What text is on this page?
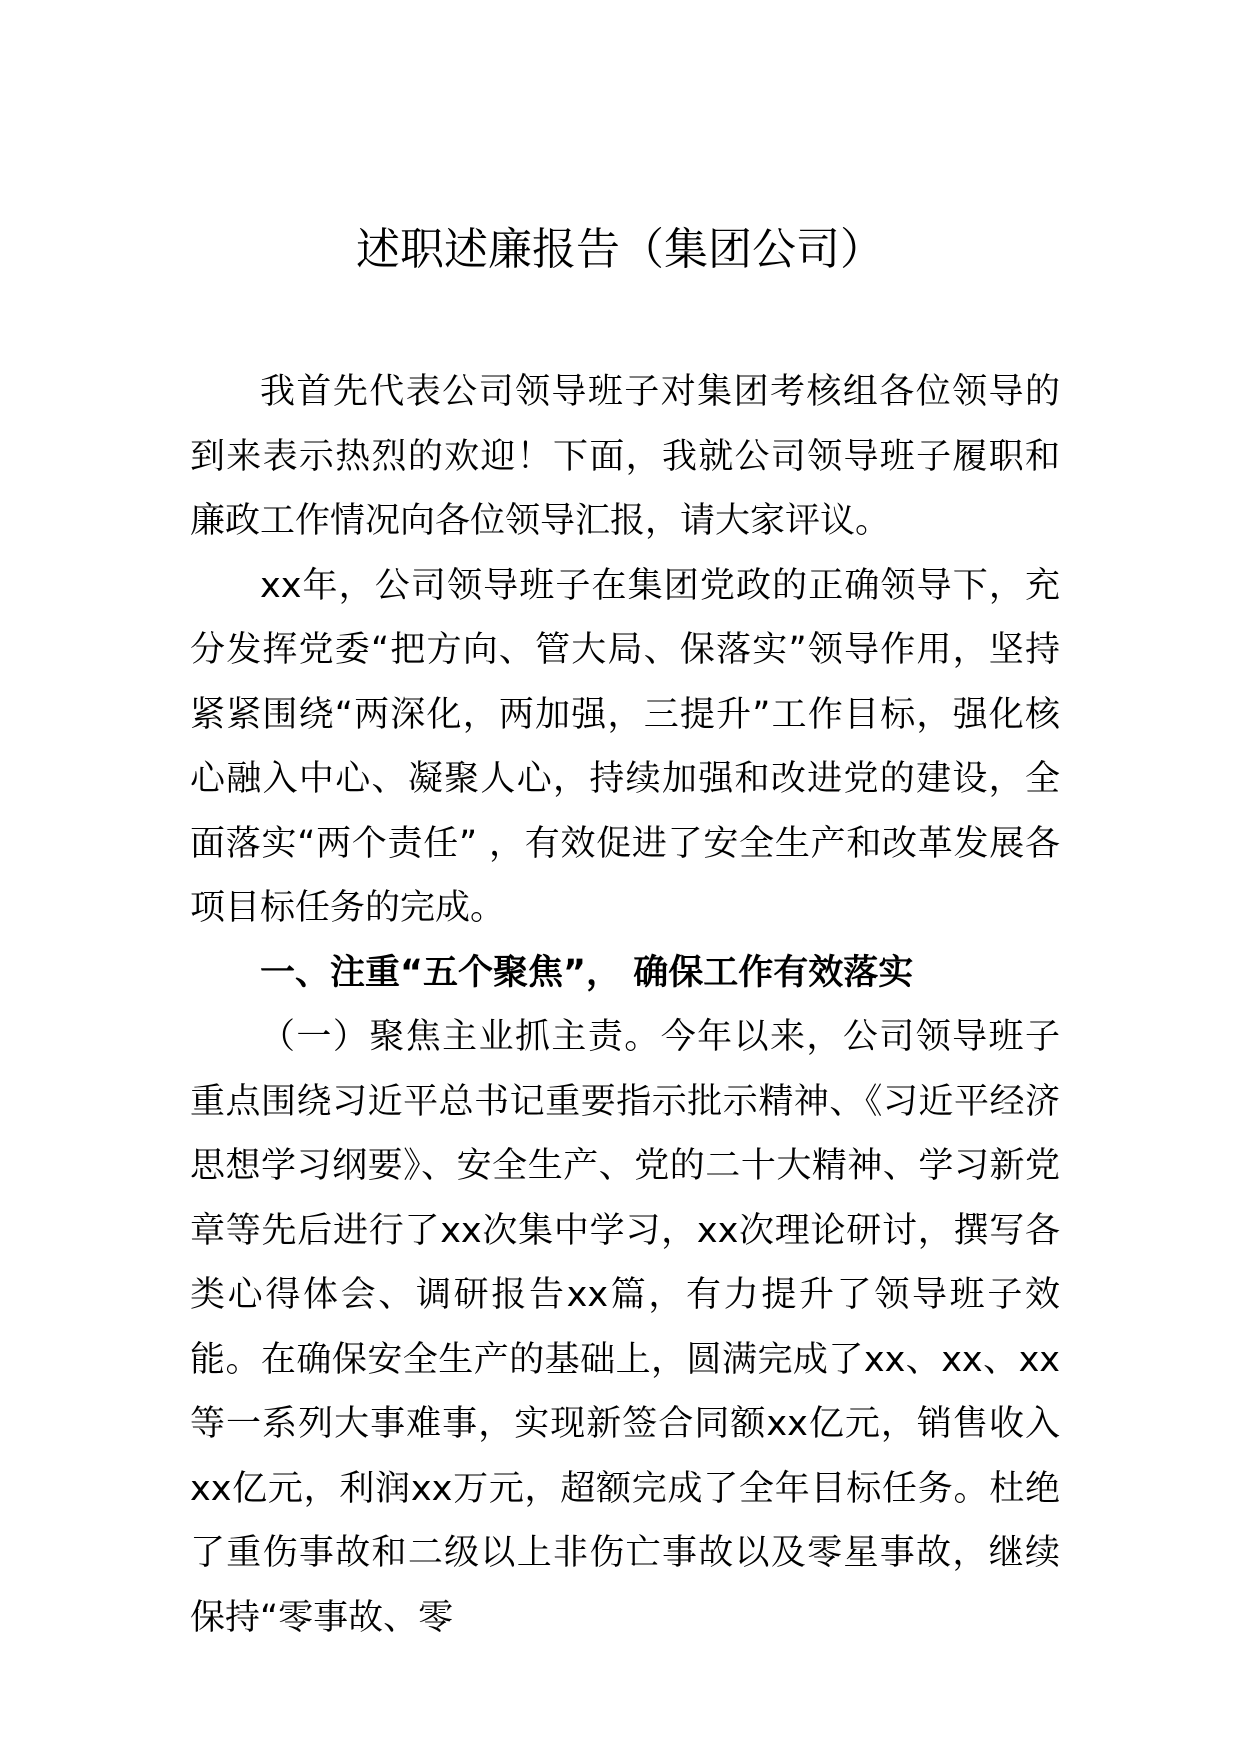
述职述廉报告（集团公司）

我首先代表公司领导班子对集团考核组各位领导的到来表示热烈的欢迎！下面，我就公司领导班子履职和廉政工作情况向各位领导汇报，请大家评议。

xx年，公司领导班子在集团党政的正确领导下，充分发挥党委“把方向、管大局、保落实”领导作用，坚持紧紧围绕“两深化，两加强，三提升”工作目标，强化核心融入中心、凝聚人心，持续加强和改进党的建设，全面落实“两个责任” ，有效促进了安全生产和改革发展各项目标任务的完成。

一、注重“五个聚焦”， 确保工作有效落实

（一）聚焦主业抓主责。今年以来，公司领导班子重点围绕习近平总书记重要指示批示精神、《习近平经济思想学习纲要》、安全生产、党的二十大精神、学习新党章等先后进行了xx次集中学习，xx次理论研讨，撰写各类心得体会、调研报告xx篇，有力提升了领导班子效能。在确保安全生产的基础上，圆满完成了xx、xx、xx等一系列大事难事，实现新签合同额xx亿元，销售收入xx亿元，利润xx万元，超额完成了全年目标任务。杜绝了重伤事故和二级以上非伤亡事故以及零星事故，继续保持“零事故、零
